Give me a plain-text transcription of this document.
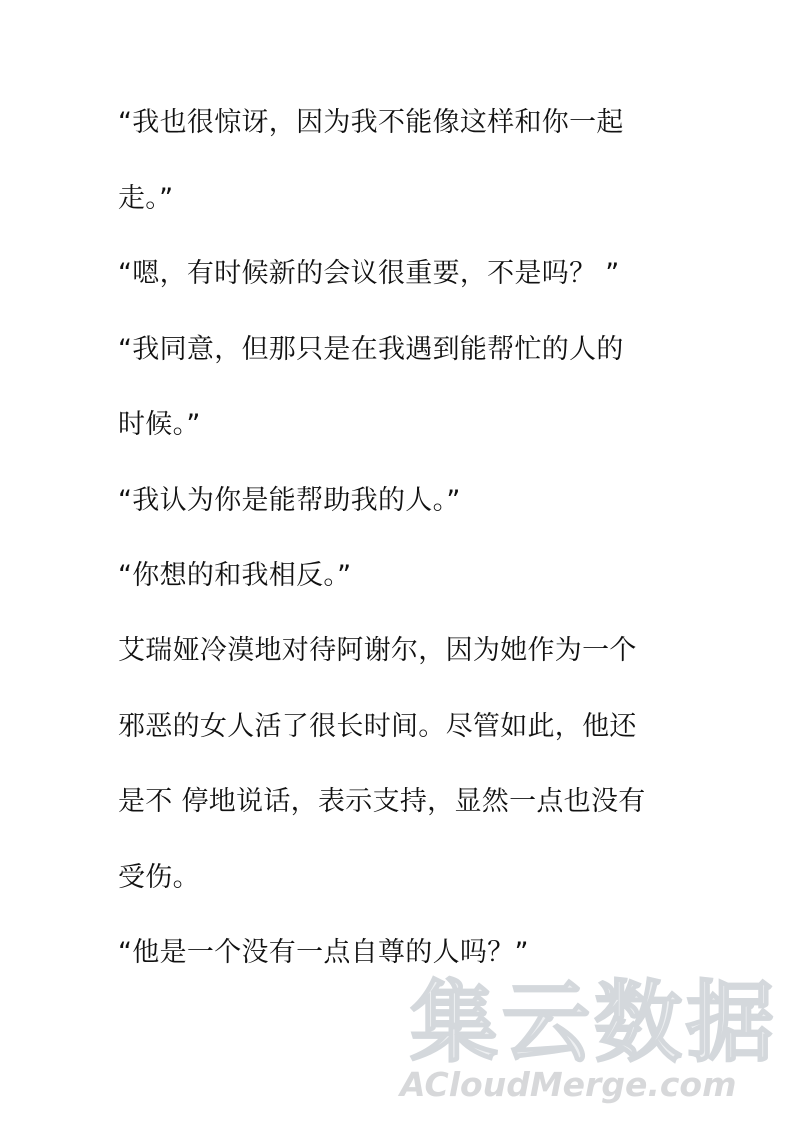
“我也很惊讶，因为我不能像这样和你一起
走。”
“嗯，有时候新的会议很重要，不是吗？ ”
“我同意，但那只是在我遇到能帮忙的人的
时候。”
“我认为你是能帮助我的人。”
“你想的和我相反。”
艾瑞娅冷漠地对待阿谢尔，因为她作为一个
邪恶的女人活了很长时间。尽管如此，他还
是不 停地说话，表示支持，显然一点也没有
受伤。
“他是一个没有一点自尊的人吗？”
集云数据
ACloudMerge.com
